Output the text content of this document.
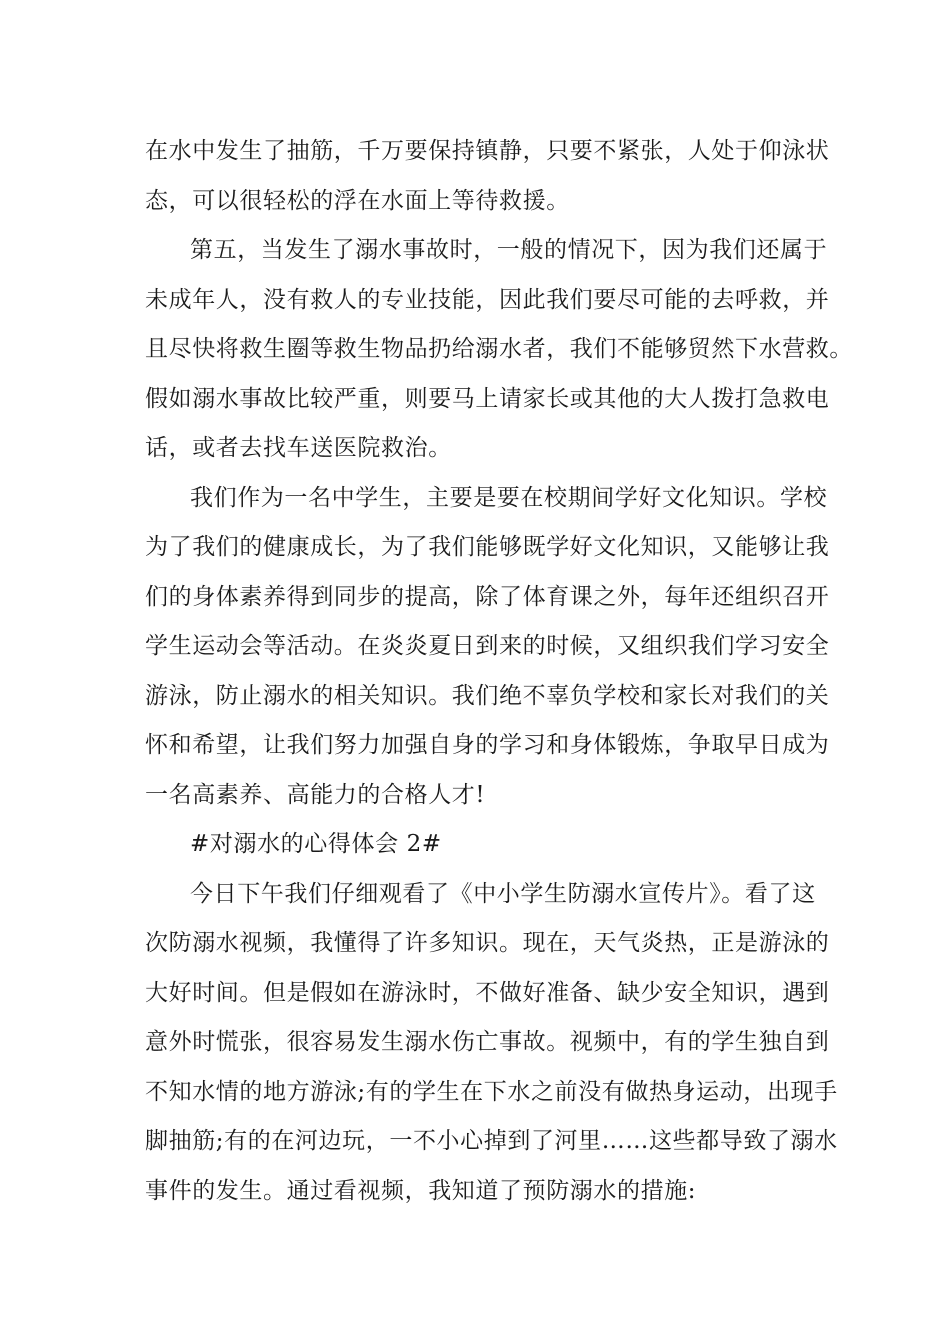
在水中发生了抽筋，千万要保持镇静，只要不紧张，人处于仰泳状
态，可以很轻松的浮在水面上等待救援。
第五，当发生了溺水事故时，一般的情况下，因为我们还属于
未成年人，没有救人的专业技能，因此我们要尽可能的去呼救，并
且尽快将救生圈等救生物品扔给溺水者，我们不能够贸然下水营救。
假如溺水事故比较严重，则要马上请家长或其他的大人拨打急救电
话，或者去找车送医院救治。
我们作为一名中学生，主要是要在校期间学好文化知识。学校
为了我们的健康成长，为了我们能够既学好文化知识，又能够让我
们的身体素养得到同步的提高，除了体育课之外，每年还组织召开
学生运动会等活动。在炎炎夏日到来的时候，又组织我们学习安全
游泳，防止溺水的相关知识。我们绝不辜负学校和家长对我们的关
怀和希望，让我们努力加强自身的学习和身体锻炼，争取早日成为
一名高素养、高能力的合格人才!
#对溺水的心得体会 2#
今日下午我们仔细观看了《中小学生防溺水宣传片》。看了这
次防溺水视频，我懂得了许多知识。现在，天气炎热，正是游泳的
大好时间。但是假如在游泳时，不做好准备、缺少安全知识，遇到
意外时慌张，很容易发生溺水伤亡事故。视频中，有的学生独自到
不知水情的地方游泳;有的学生在下水之前没有做热身运动，出现手
脚抽筋;有的在河边玩，一不小心掉到了河里……这些都导致了溺水
事件的发生。通过看视频，我知道了预防溺水的措施:
